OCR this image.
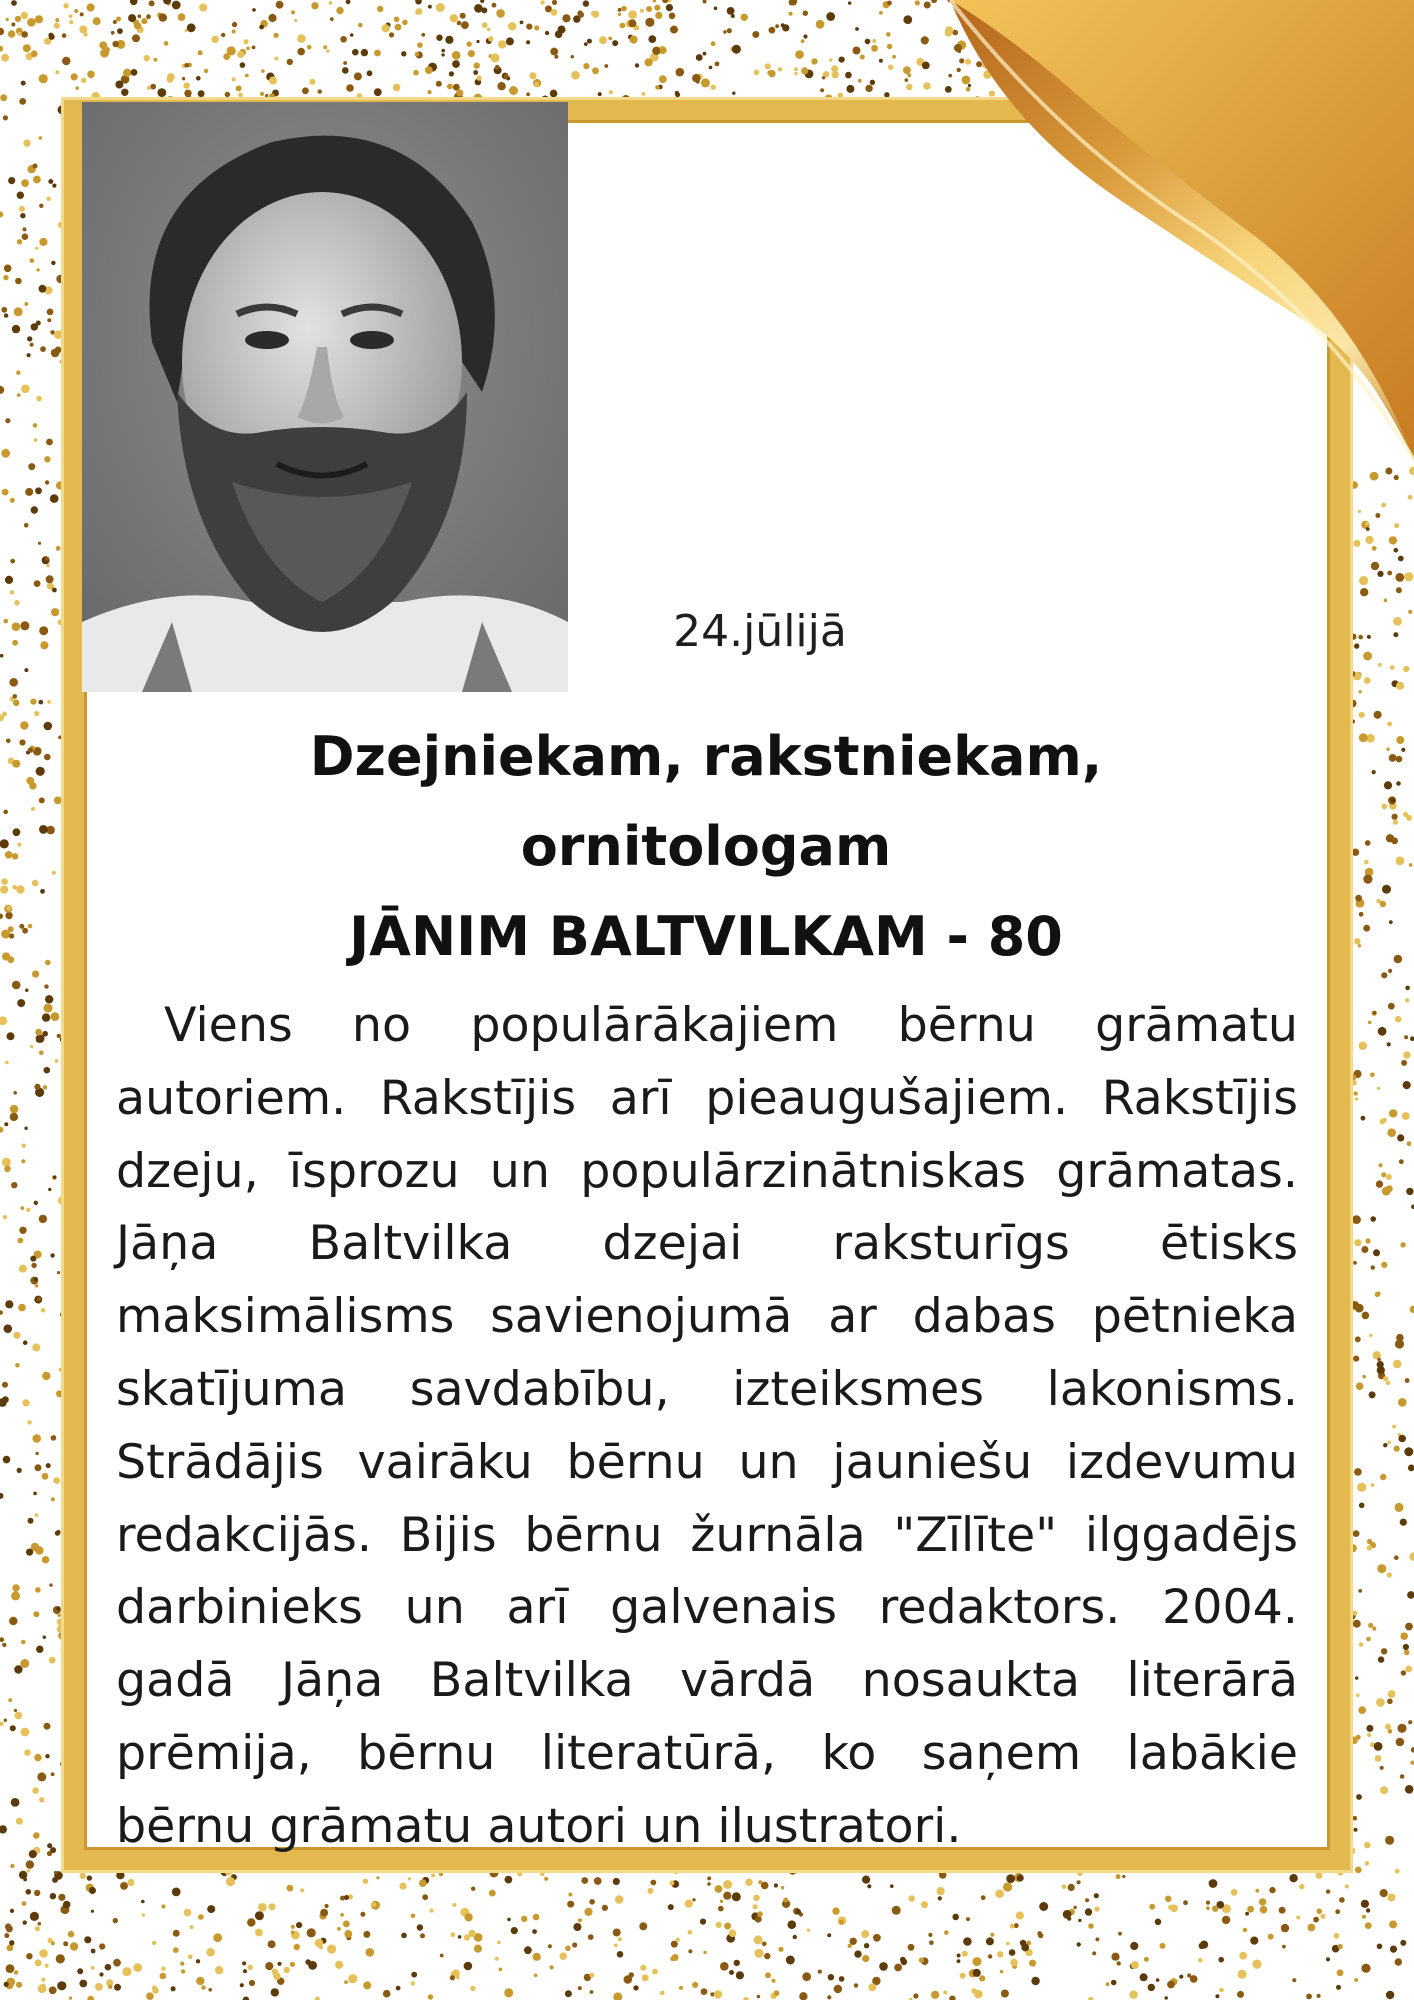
24.jūlijā
Dzejniekam, rakstniekam,
ornitologam
JĀNIM BALTVILKAM - 80
Viens no populārākajiem bērnu grāmatu autoriem. Rakstījis arī pieaugušajiem. Rakstījis dzeju, īsprozu un populārzinātniskas grāmatas. Jāņa Baltvilka dzejai raksturīgs ētisks maksimālisms savienojumā ar dabas pētnieka skatījuma savdabību, izteiksmes lakonisms. Strādājis vairāku bērnu un jauniešu izdevumu redakcijās. Bijis bērnu žurnāla "Zīlīte" ilggadējs darbinieks un arī galvenais redaktors. 2004. gadā Jāņa Baltvilka vārdā nosaukta literārā prēmija, bērnu literatūrā, ko saņem labākie bērnu grāmatu autori un ilustratori.
